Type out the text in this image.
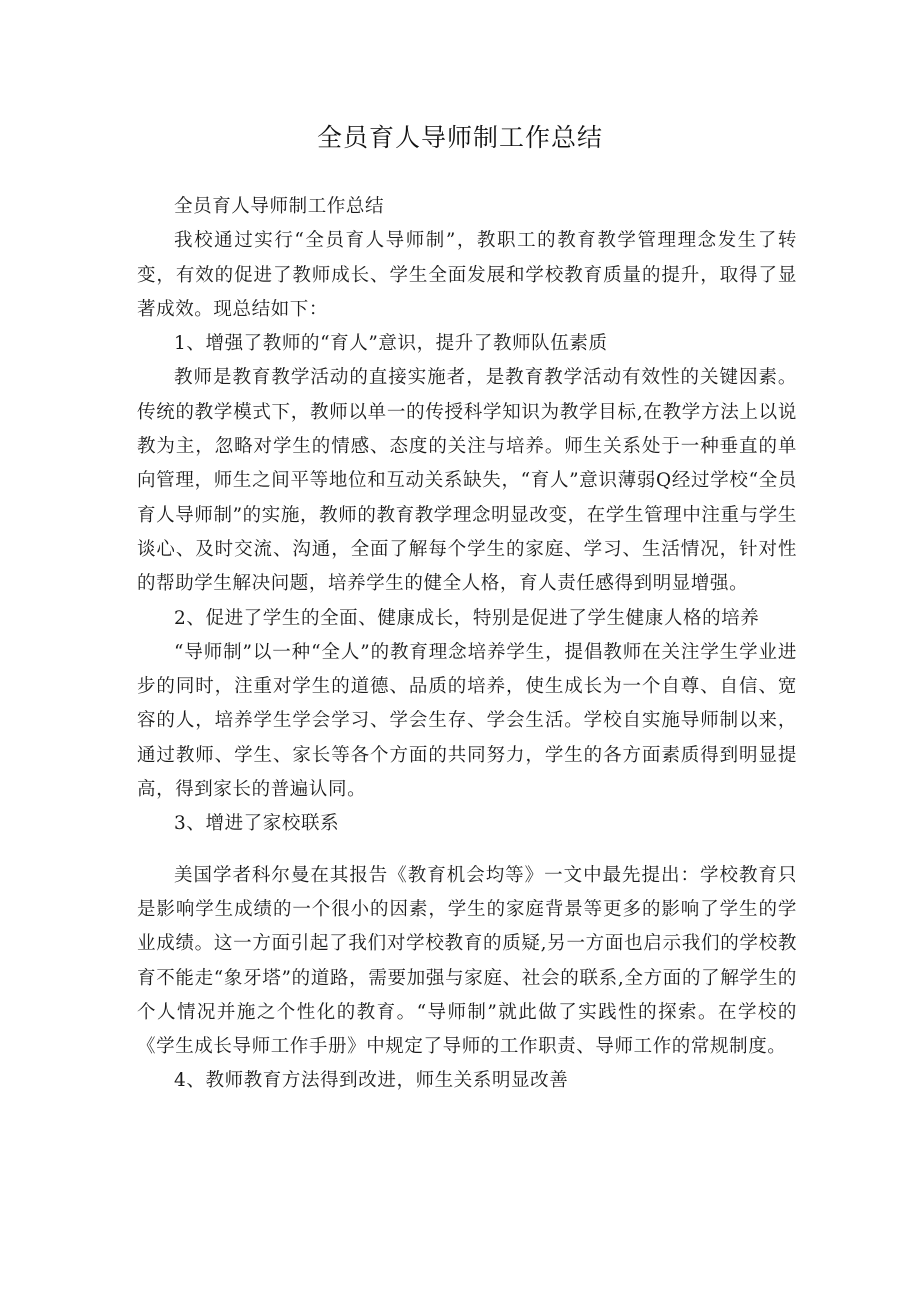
全员育人导师制工作总结

全员育人导师制工作总结

我校通过实行“全员育人导师制”，教职工的教育教学管理理念发生了转变，有效的促进了教师成长、学生全面发展和学校教育质量的提升，取得了显著成效。现总结如下：

1、增强了教师的“育人”意识，提升了教师队伍素质

教师是教育教学活动的直接实施者，是教育教学活动有效性的关键因素。传统的教学模式下，教师以单一的传授科学知识为教学目标,在教学方法上以说教为主，忽略对学生的情感、态度的关注与培养。师生关系处于一种垂直的单向管理，师生之间平等地位和互动关系缺失，“育人”意识薄弱Q经过学校“全员育人导师制”的实施，教师的教育教学理念明显改变，在学生管理中注重与学生谈心、及时交流、沟通，全面了解每个学生的家庭、学习、生活情况，针对性的帮助学生解决问题，培养学生的健全人格，育人责任感得到明显增强。

2、促进了学生的全面、健康成长，特别是促进了学生健康人格的培养

“导师制”以一种“全人”的教育理念培养学生，提倡教师在关注学生学业进步的同时，注重对学生的道德、品质的培养，使生成长为一个自尊、自信、宽容的人，培养学生学会学习、学会生存、学会生活。学校自实施导师制以来，通过教师、学生、家长等各个方面的共同努力，学生的各方面素质得到明显提高，得到家长的普遍认同。

3、增进了家校联系

美国学者科尔曼在其报告《教育机会均等》一文中最先提出：学校教育只是影响学生成绩的一个很小的因素，学生的家庭背景等更多的影响了学生的学业成绩。这一方面引起了我们对学校教育的质疑,另一方面也启示我们的学校教育不能走“象牙塔”的道路，需要加强与家庭、社会的联系,全方面的了解学生的个人情况并施之个性化的教育。“导师制”就此做了实践性的探索。在学校的《学生成长导师工作手册》中规定了导师的工作职责、导师工作的常规制度。

4、教师教育方法得到改进，师生关系明显改善
